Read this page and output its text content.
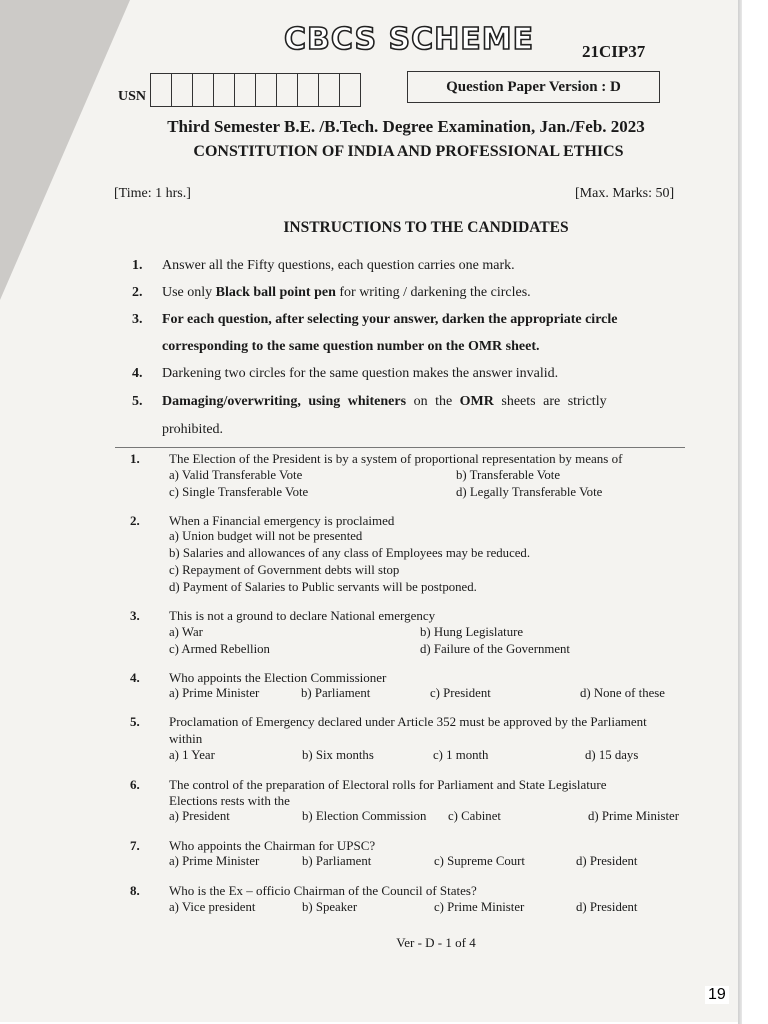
CBCS SCHEME	21CIP37
USN
Question Paper Version : D
Third Semester B.E. /B.Tech. Degree Examination, Jan./Feb. 2023
CONSTITUTION OF INDIA AND PROFESSIONAL ETHICS
[Time: 1 hrs.]	[Max. Marks: 50]
INSTRUCTIONS TO THE CANDIDATES
1. Answer all the Fifty questions, each question carries one mark.
2. Use only Black ball point pen for writing / darkening the circles.
3. For each question, after selecting your answer, darken the appropriate circle
corresponding to the same question number on the OMR sheet.
4. Darkening two circles for the same question makes the answer invalid.
5. Damaging/overwriting, using whiteners on the OMR sheets are strictly
prohibited.
1. The Election of the President is by a system of proportional representation by means of
a) Valid Transferable Vote	b) Transferable Vote
c) Single Transferable Vote	d) Legally Transferable Vote
2. When a Financial emergency is proclaimed
a) Union budget will not be presented
b) Salaries and allowances of any class of Employees may be reduced.
c) Repayment of Government debts will stop
d) Payment of Salaries to Public servants will be postponed.
3. This is not a ground to declare National emergency
a) War	b) Hung Legislature
c) Armed Rebellion	d) Failure of the Government
4. Who appoints the Election Commissioner
a) Prime Minister	b) Parliament	c) President	d) None of these
5. Proclamation of Emergency declared under Article 352 must be approved by the Parliament
within
a) 1 Year	b) Six months	c) 1 month	d) 15 days
6. The control of the preparation of Electoral rolls for Parliament and State Legislature
Elections rests with the
a) President	b) Election Commission c) Cabinet	d) Prime Minister
7. Who appoints the Chairman for UPSC?
a) Prime Minister	b) Parliament	c) Supreme Court	d) President
8. Who is the Ex – officio Chairman of the Council of States?
a) Vice president	b) Speaker	c) Prime Minister	d) President
Ver - D - 1 of 4
19
